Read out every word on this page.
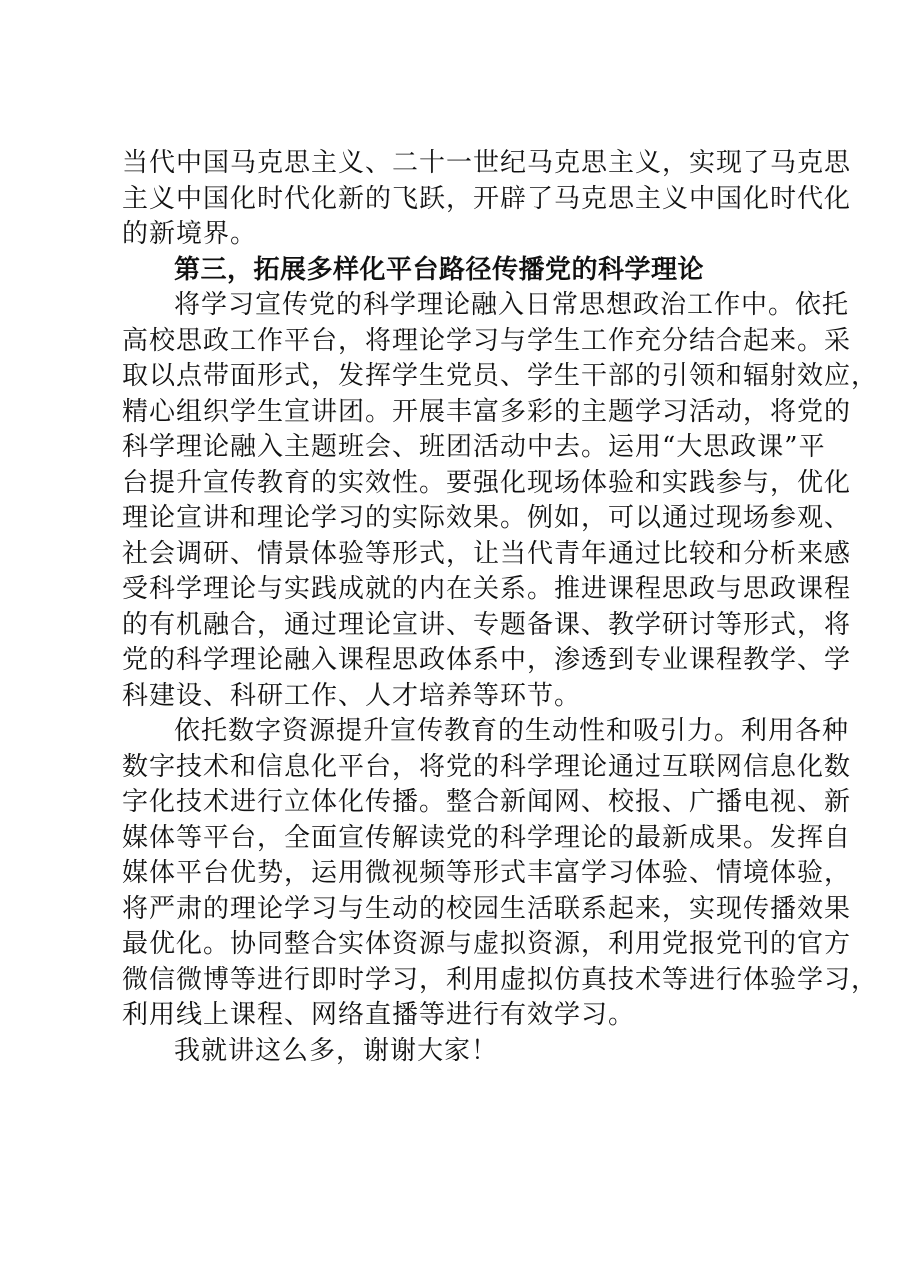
当代中国马克思主义、二十一世纪马克思主义，实现了马克思
主义中国化时代化新的飞跃，开辟了马克思主义中国化时代化
的新境界。
第三，拓展多样化平台路径传播党的科学理论
将学习宣传党的科学理论融入日常思想政治工作中。依托
高校思政工作平台，将理论学习与学生工作充分结合起来。采
取以点带面形式，发挥学生党员、学生干部的引领和辐射效应，
精心组织学生宣讲团。开展丰富多彩的主题学习活动，将党的
科学理论融入主题班会、班团活动中去。运用“大思政课”平
台提升宣传教育的实效性。要强化现场体验和实践参与，优化
理论宣讲和理论学习的实际效果。例如，可以通过现场参观、
社会调研、情景体验等形式，让当代青年通过比较和分析来感
受科学理论与实践成就的内在关系。推进课程思政与思政课程
的有机融合，通过理论宣讲、专题备课、教学研讨等形式，将
党的科学理论融入课程思政体系中，渗透到专业课程教学、学
科建设、科研工作、人才培养等环节。
依托数字资源提升宣传教育的生动性和吸引力。利用各种
数字技术和信息化平台，将党的科学理论通过互联网信息化数
字化技术进行立体化传播。整合新闻网、校报、广播电视、新
媒体等平台，全面宣传解读党的科学理论的最新成果。发挥自
媒体平台优势，运用微视频等形式丰富学习体验、情境体验，
将严肃的理论学习与生动的校园生活联系起来，实现传播效果
最优化。协同整合实体资源与虚拟资源，利用党报党刊的官方
微信微博等进行即时学习，利用虚拟仿真技术等进行体验学习，
利用线上课程、网络直播等进行有效学习。
我就讲这么多，谢谢大家！
